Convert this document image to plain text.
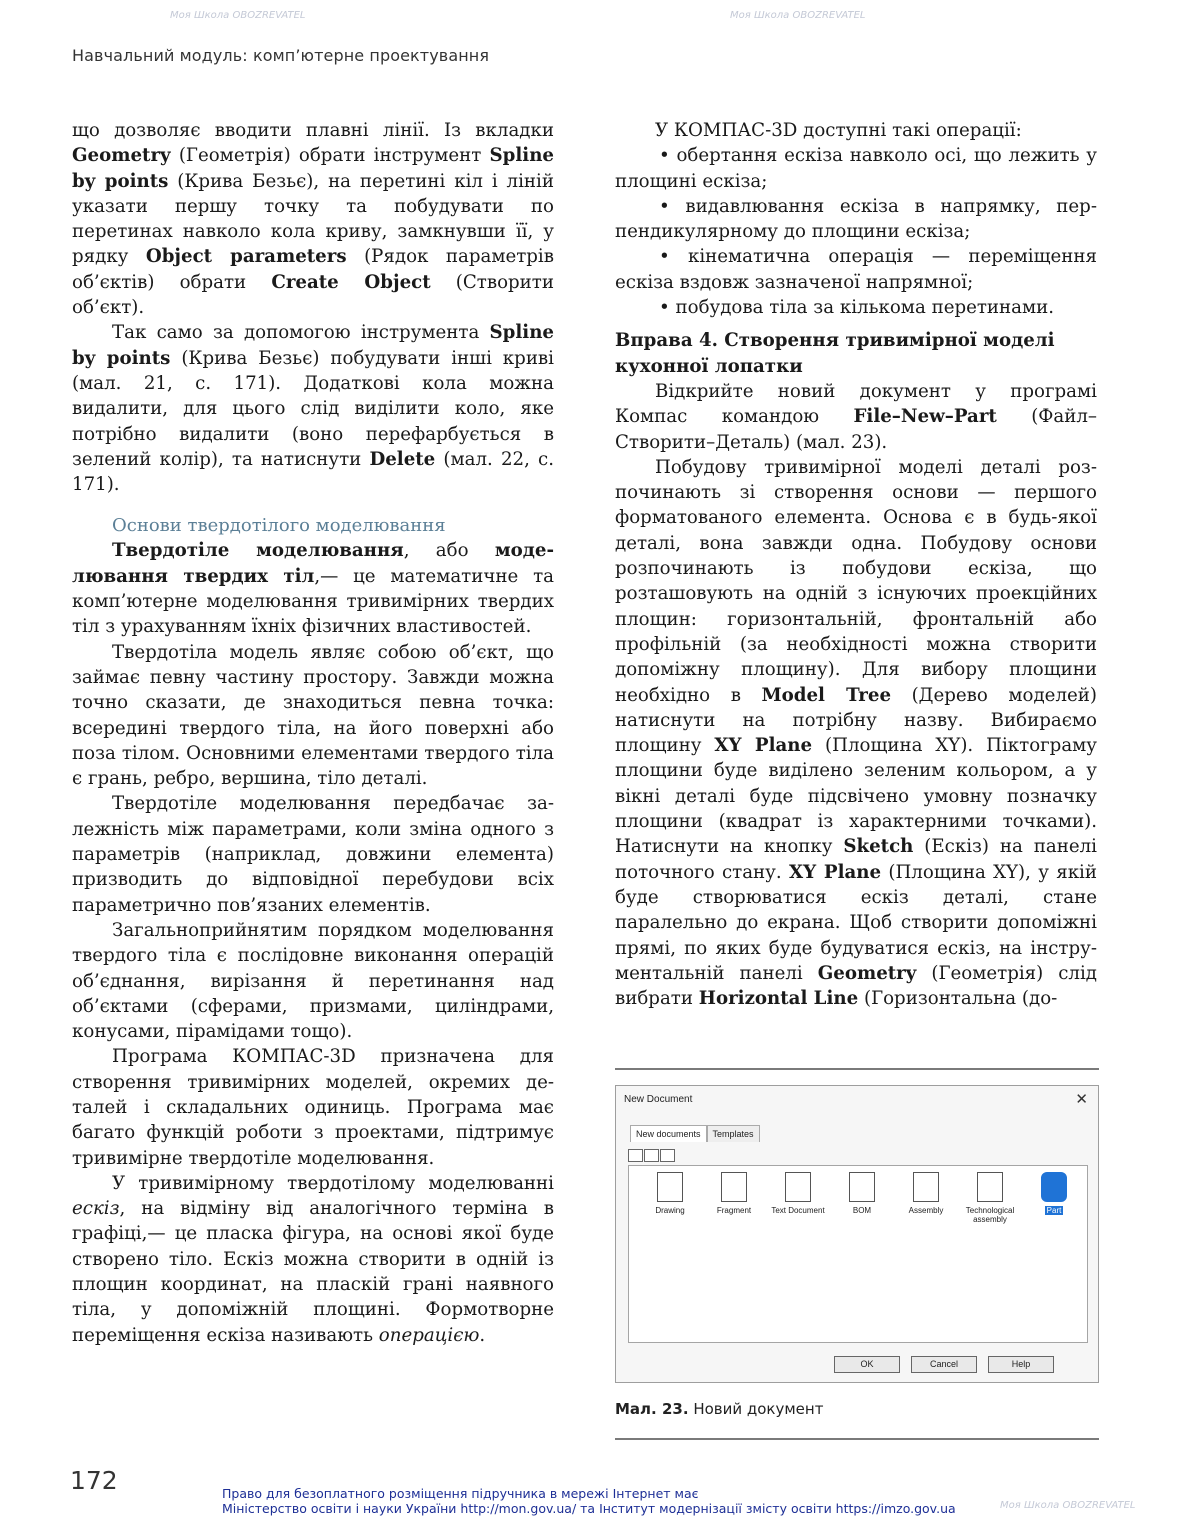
Навчальний модуль: комп’ютерне проектування

що дозволяє вводити плавні лінії. Із вкладки Geometry (Геометрія) обрати інструмент Spline by points (Крива Безьє), на перетині кіл і ліній указати першу точку та побудувати по перетинах навколо кола криву, замкнувши її, у рядку Object parameters (Рядок параметрів об’єктів) обрати Create Object (Створити об’єкт).

Так само за допомогою інструмента Spline by points (Крива Безьє) побудувати інші криві (мал. 21, с. 171). Додаткові кола можна видалити, для цього слід виділити коло, яке потрібно видалити (воно перефарбується в зелений колір), та натиснути Delete (мал. 22, с. 171).

Основи твердотілого моделювання

Твердотіле моделювання, або моделювання твердих тіл,— це математичне та комп’ютерне моделювання тривимірних твердих тіл з урахуванням їхніх фізичних властивостей.

Твердотіла модель являє собою об’єкт, що займає певну частину простору. Завжди можна точно сказати, де знаходиться певна точка: всередині твердого тіла, на його поверхні або поза тілом. Основними елементами твердого тіла є грань, ребро, вершина, тіло деталі.

Твердотіле моделювання передбачає залежність між параметрами, коли зміна одного з параметрів (наприклад, довжини елемента) призводить до відповідної перебудови всіх параметрично пов’язаних елементів.

Загальноприйнятим порядком моделювання твердого тіла є послідовне виконання операцій об’єднання, вирізання й перетинання над об’єктами (сферами, призмами, циліндрами, конусами, пірамідами тощо).

Програма КОМПАС-3D призначена для створення тривимірних моделей, окремих деталей і складальних одиниць. Програма має багато функцій роботи з проектами, підтримує тривимірне твердотіле моделювання.

У тривимірному твердотілому моделюванні ескіз, на відміну від аналогічного терміна в графіці,— це пласка фігура, на основі якої буде створено тіло. Ескіз можна створити в одній із площин координат, на пласкій грані наявного тіла, у допоміжній площині. Формотворне переміщення ескіза називають операцією.

У КОМПАС-3D доступні такі операції:

• обертання ескіза навколо осі, що лежить у площині ескіза;

• видавлювання ескіза в напрямку, перпендикулярному до площини ескіза;

• кінематична операція — переміщення ескіза вздовж зазначеної напрямної;

• побудова тіла за кількома перетинами.

Вправа 4. Створення тривимірної моделі кухонної лопатки

Відкрийте новий документ у програмі Компас командою File–New–Part (Файл–Створити–Деталь) (мал. 23).

Побудову тривимірної моделі деталі розпочинають зі створення основи — першого форматованого елемента. Основа є в будь-якої деталі, вона завжди одна. Побудову основи розпочинають із побудови ескіза, що розташовують на одній з існуючих проекційних площин: горизонтальній, фронтальній або профільній (за необхідності можна створити допоміжну площину). Для вибору площини необхідно в Model Tree (Дерево моделей) натиснути на потрібну назву. Вибираємо площину XY Plane (Площина XY). Піктограму площини буде виділено зеленим кольором, а у вікні деталі буде підсвічено умовну позначку площини (квадрат із характерними точками). Натиснути на кнопку Sketch (Ескіз) на панелі поточного стану. XY Plane (Площина XY), у якій буде створюватися ескіз деталі, стане паралельно до екрана. Щоб створити допоміжні прямі, по яких буде будуватися ескіз, на інструментальній панелі Geometry (Геометрія) слід вибрати Horizontal Line (Горизонтальна (до-

New Document	✕
New documents Templates
Drawing	Fragment	Text Document	BOM	Assembly	Technological assembly
Part
OK	Cancel	Help
Мал. 23. Новий документ
172	Право для безоплатного розміщення підручника в мережі Інтернет має
Міністерство освіти і науки України http://mon.gov.ua/ та Інститут модернізації змісту освіти https://imzo.gov.ua
Моя Школа OBOZREVATEL	Моя Школа OBOZREVATEL
Моя Школа OBOZREVATEL
